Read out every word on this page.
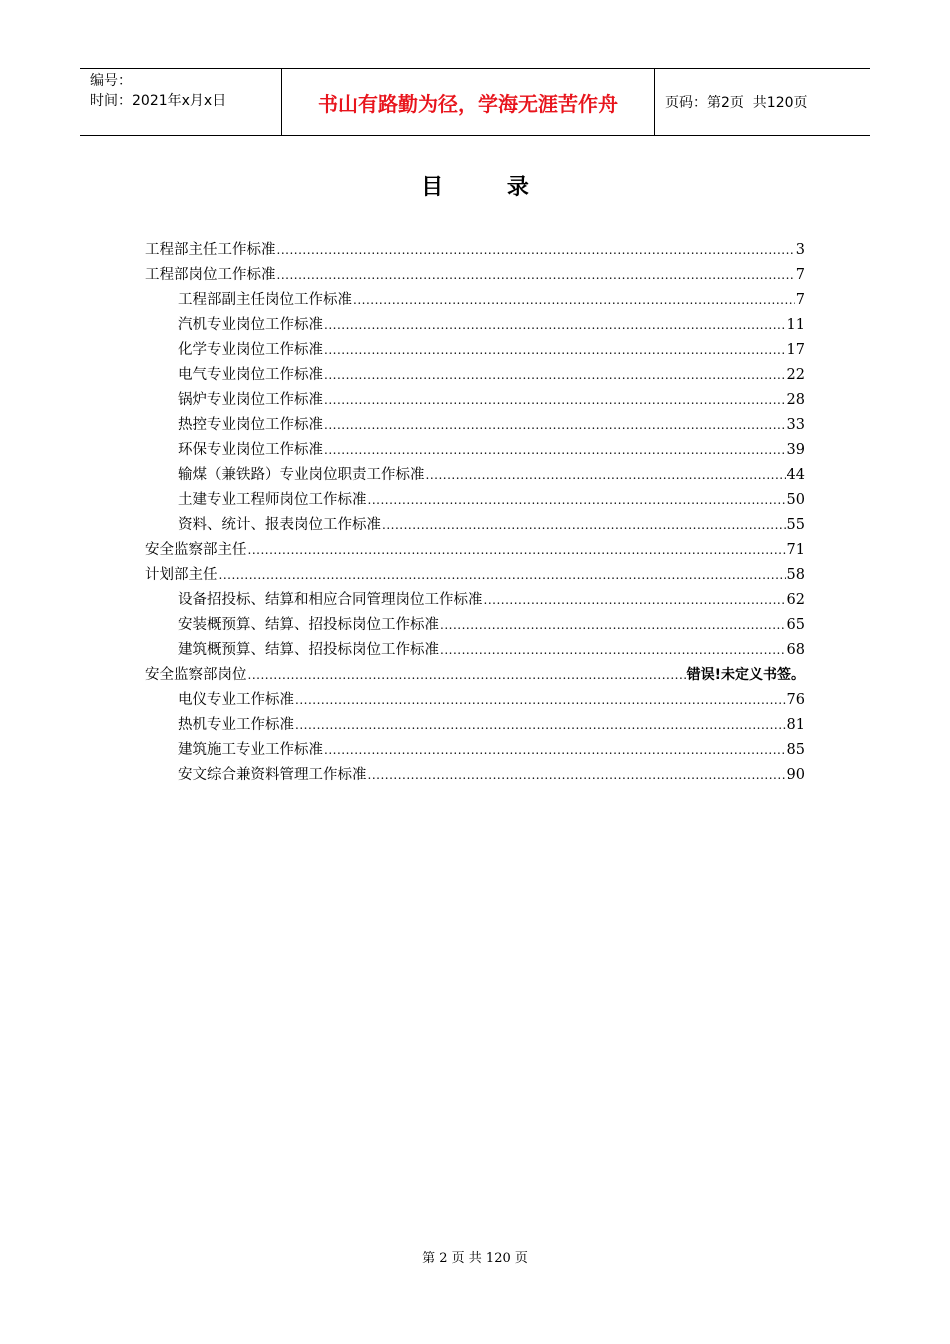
编号：
时间：2021年x月x日	书山有路勤为径，学海无涯苦作舟	页码：第2页  共120页
目 录
工程部主任工作标准 .....	3
工程部岗位工作标准 .....	7
工程部副主任岗位工作标准 .....	7
汽机专业岗位工作标准 .....	11
化学专业岗位工作标准 .....	17
电气专业岗位工作标准 .....	22
锅炉专业岗位工作标准 .....	28
热控专业岗位工作标准 .....	33
环保专业岗位工作标准 .....	39
输煤（兼铁路）专业岗位职责工作标准 .....	44
土建专业工程师岗位工作标准 .....	50
资料、统计、报表岗位工作标准 .....	55
安全监察部主任 .....	71
计划部主任 .....	58
设备招投标、结算和相应合同管理岗位工作标准 .....	62
安装概预算、结算、招投标岗位工作标准 .....	65
建筑概预算、结算、招投标岗位工作标准 .....	68
安全监察部岗位 .....	错误!未定义书签。
电仪专业工作标准 .....	76
热机专业工作标准 .....	81
建筑施工专业工作标准 .....	85
安文综合兼资料管理工作标准 .....	90
第 2 页 共 120 页
